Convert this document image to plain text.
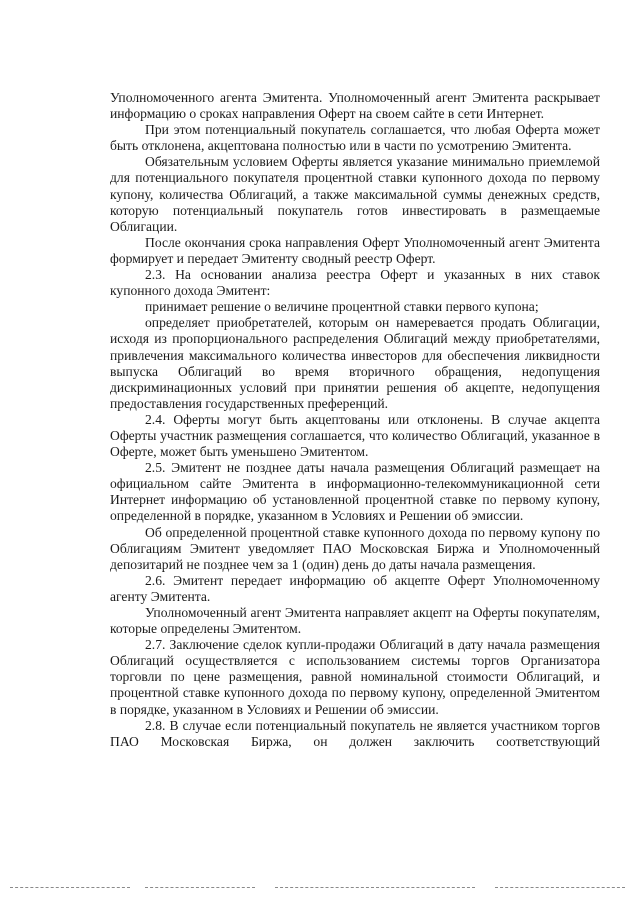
Уполномоченного агента Эмитента. Уполномоченный агент Эмитента раскрывает информацию о сроках направления Оферт на своем сайте в сети Интернет.

При этом потенциальный покупатель соглашается, что любая Оферта может быть отклонена, акцептована полностью или в части по усмотрению Эмитента.

Обязательным условием Оферты является указание минимально приемлемой для потенциального покупателя процентной ставки купонного дохода по первому купону, количества Облигаций, а также максимальной суммы денежных средств, которую потенциальный покупатель готов инвестировать в размещаемые Облигации.

После окончания срока направления Оферт Уполномоченный агент Эмитента формирует и передает Эмитенту сводный реестр Оферт.

2.3. На основании анализа реестра Оферт и указанных в них ставок купонного дохода Эмитент:

принимает решение о величине процентной ставки первого купона;

определяет приобретателей, которым он намеревается продать Облигации, исходя из пропорционального распределения Облигаций между приобретателями, привлечения максимального количества инвесторов для обеспечения ликвидности выпуска Облигаций во время вторичного обращения, недопущения дискриминационных условий при принятии решения об акцепте, недопущения предоставления государственных преференций.

2.4. Оферты могут быть акцептованы или отклонены. В случае акцепта Оферты участник размещения соглашается, что количество Облигаций, указанное в Оферте, может быть уменьшено Эмитентом.

2.5. Эмитент не позднее даты начала размещения Облигаций размещает на официальном сайте Эмитента в информационно-телекоммуникационной сети Интернет информацию об установленной процентной ставке по первому купону, определенной в порядке, указанном в Условиях и Решении об эмиссии.

Об определенной процентной ставке купонного дохода по первому купону по Облигациям Эмитент уведомляет ПАО Московская Биржа и Уполномоченный депозитарий не позднее чем за 1 (один) день до даты начала размещения.

2.6. Эмитент передает информацию об акцепте Оферт Уполномоченному агенту Эмитента.

Уполномоченный агент Эмитента направляет акцепт на Оферты покупателям, которые определены Эмитентом.

2.7. Заключение сделок купли-продажи Облигаций в дату начала размещения Облигаций осуществляется с использованием системы торгов Организатора торговли по цене размещения, равной номинальной стоимости Облигаций, и процентной ставке купонного дохода по первому купону, определенной Эмитентом в порядке, указанном в Условиях и Решении об эмиссии.

2.8. В случае если потенциальный покупатель не является участником торгов ПАО Московская Биржа, он должен заключить соответствующий
